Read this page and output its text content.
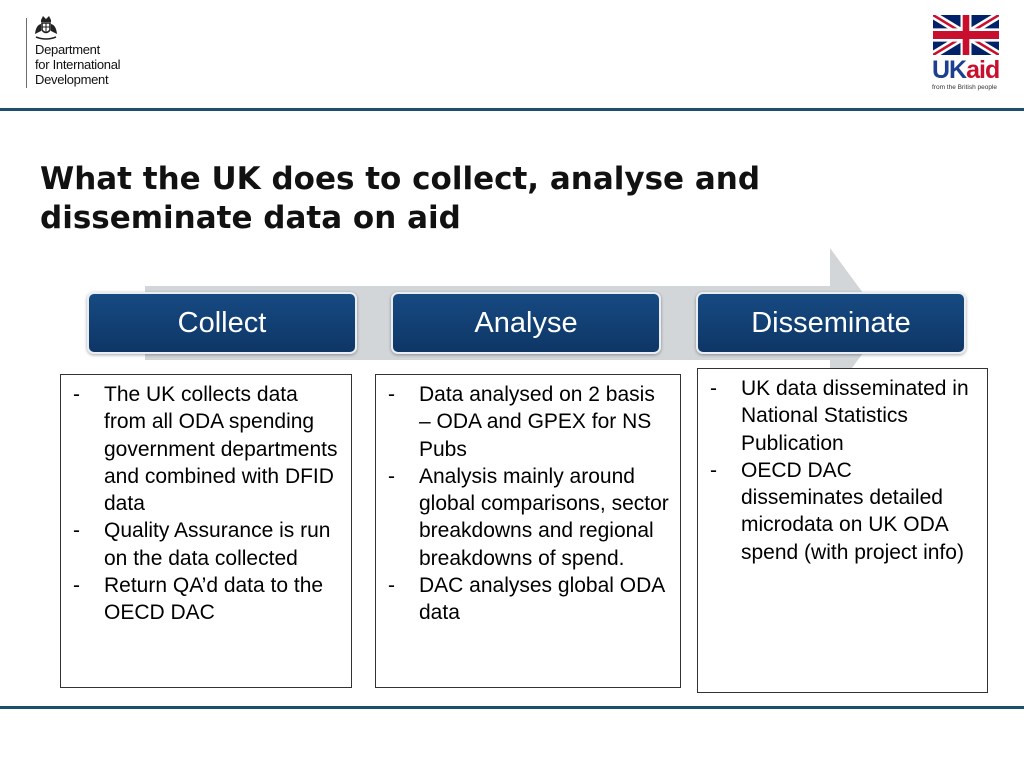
Department
for International
Development	UKaid
from the British people
What the UK does to collect, analyse and
disseminate data on aid
Collect	Analyse	Disseminate
- The UK collects data from all ODA spending government departments and combined with DFID data
- Quality Assurance is run on the data collected
- Return QA’d data to the OECD DAC
- Data analysed on 2 basis – ODA and GPEX for NS Pubs
- Analysis mainly around global comparisons, sector breakdowns and regional breakdowns of spend.
- DAC analyses global ODA data
- UK data disseminated in National Statistics Publication
- OECD DAC disseminates detailed microdata on UK ODA spend (with project info)
